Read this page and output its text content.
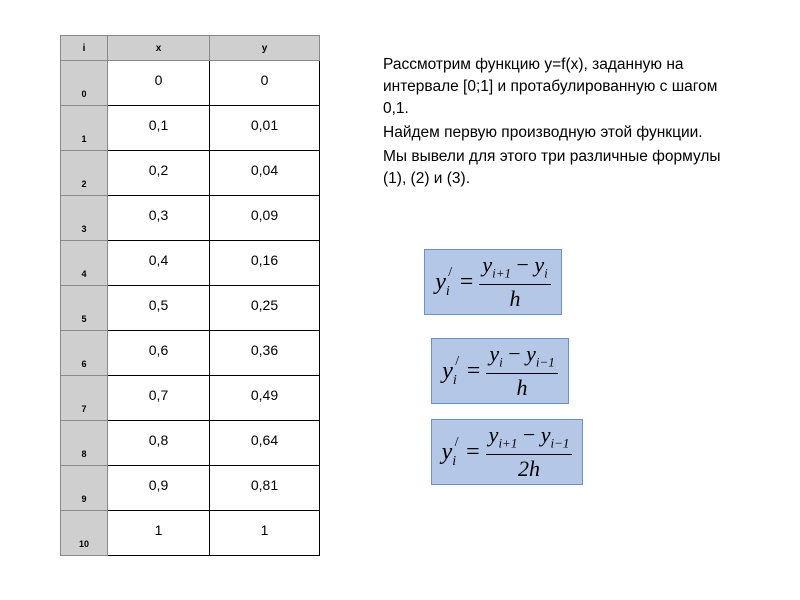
i	x	y
0	0	0
1	0,1	0,01
2	0,2	0,04
3	0,3	0,09
4	0,4	0,16
5	0,5	0,25
6	0,6	0,36
7	0,7	0,49
8	0,8	0,64
9	0,9	0,81
10	1	1

Рассмотрим функцию y=f(x), заданную на интервале [0;1] и протабулированную с шагом 0,1.

Найдем первую производную этой функции.

Мы вывели для этого три различные формулы (1), (2) и (3).

y /
$_i = \frac{y_{i+1} - y_i}{h}$
y /
$_i = \frac{y_i - y_{i-1}}{h}$
y /
$_i = \frac{y_{i+1} - y_{i-1}}{2h}$
